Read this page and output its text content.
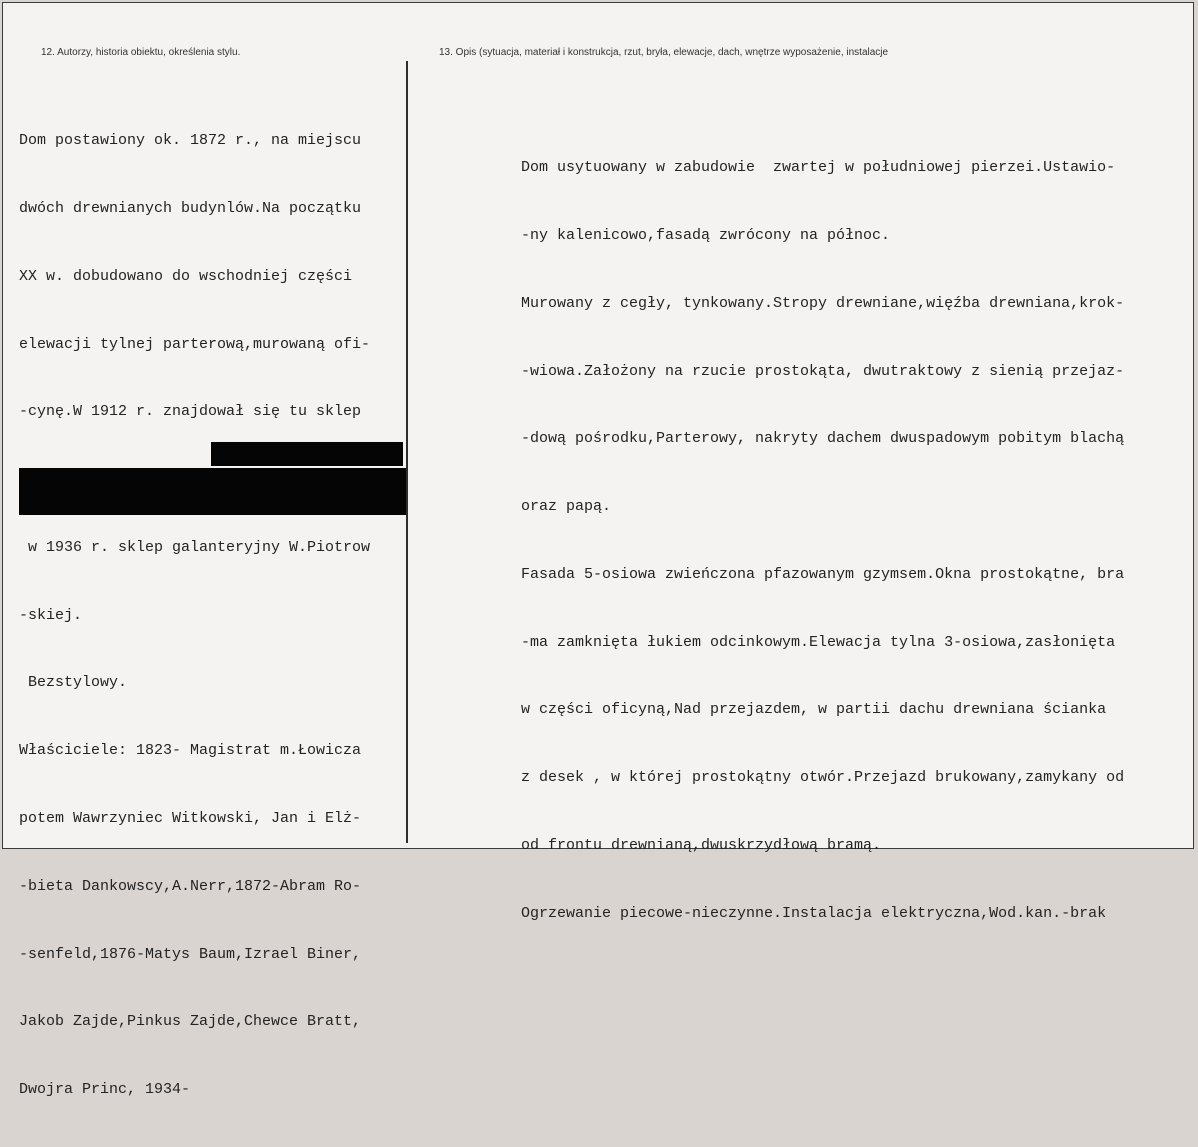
12. Autorzy, historia obiektu, określenia stylu.	13. Opis (sytuacja, materiał i konstrukcja, rzut, bryła, elewacje, dach, wnętrze wyposażenie, instalacje

Dom postawiony ok. 1872 r., na miejscu

dwóch drewnianych budynlów.Na początku

XX w. dobudowano do wschodniej części

elewacji tylnej parterową,murowaną ofi-

-cynę.W 1912 r. znajdował się tu sklep

w 1936 r. sklep galanteryjny W.Piotrow

-skiej.

Bezstylowy.

Właściciele: 1823- Magistrat m.Łowicza

potem Wawrzyniec Witkowski, Jan i Elż-

-bieta Dankowscy,A.Nerr,1872-Abram Ro-

-senfeld,1876-Matys Baum,Izrael Biner,

Jakob Zajde,Pinkus Zajde,Chewce Bratt,

Dwojra Princ, 1934-

Dom usytuowany w zabudowie  zwartej w południowej pierzei.Ustawio-

-ny kalenicowo,fasadą zwrócony na północ.

Murowany z cegły, tynkowany.Stropy drewniane,więźba drewniana,krok-

-wiowa.Założony na rzucie prostokąta, dwutraktowy z sienią przejaz-

-dową pośrodku,Parterowy, nakryty dachem dwuspadowym pobitym blachą

oraz papą.

Fasada 5-osiowa zwieńczona pfazowanym gzymsem.Okna prostokątne, bra

-ma zamknięta łukiem odcinkowym.Elewacja tylna 3-osiowa,zasłonięta

w części oficyną,Nad przejazdem, w partii dachu drewniana ścianka

z desek , w której prostokątny otwór.Przejazd brukowany,zamykany od

od frontu drewnianą,dwuskrzydłową bramą.

Ogrzewanie piecowe-nieczynne.Instalacja elektryczna,Wod.kan.-brak
